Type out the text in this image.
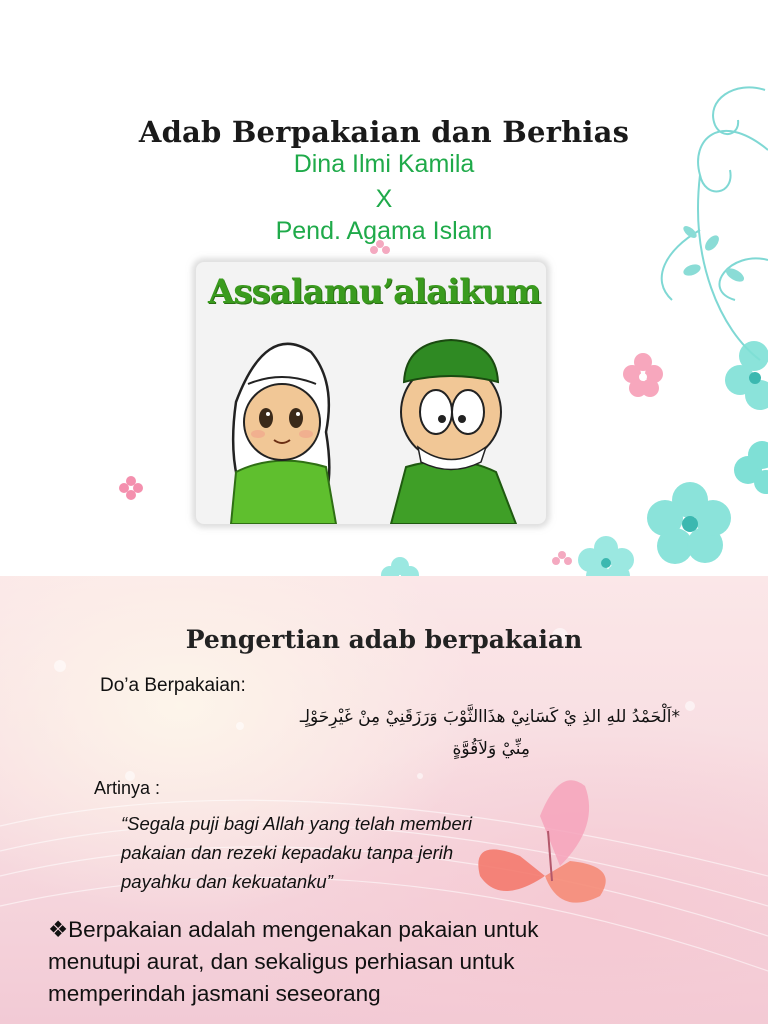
Adab Berpakaian dan Berhias
Dina Ilmi Kamila
X
Pend. Agama Islam
Assalamu’alaikum
Pengertian adab berpakaian
Do’a Berpakaian:
*اَلْحَمْدُ للهِ الذِ يْ كَسَانِيْ هذَاالثَّوْبَ وَرَزَقَنِيْ مِنْ غَيْرِحَوْلٍـ
مِنِّيْ وَلاَقُوَّةٍ
Artinya :
“Segala puji bagi Allah yang telah memberi
pakaian dan rezeki kepadaku tanpa jerih
payahku dan kekuatanku”
❖Berpakaian adalah mengenakan pakaian untuk
menutupi aurat, dan sekaligus perhiasan untuk
memperindah jasmani seseorang
